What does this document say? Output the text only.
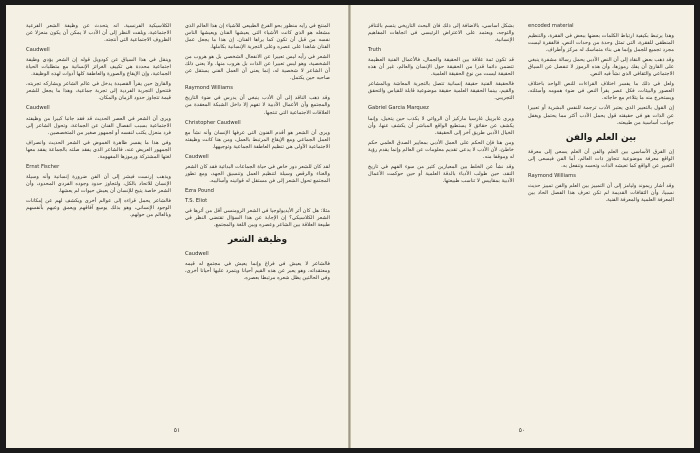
المنتج في رأيه منظور بحو الفرع الطبيعي للأشياء إن هذا العالم الذي مشغله هو الذي كانت الأشياء التي يعيشها الفنان ويعيشها الناس نفسه من قبل أن تكون كما يراها الفنان. إن هذا ما يجعل عمل الفنان شاهدا على عصره وعلى التجربة الإنسانية بكاملها.

الشعر في رأيه ليس تعبيرا عن الانفعال الشخصي بل هو هروب من الشخصية، وهو ليس تعبيرا عن الذات بل هروب منها. ولا يعني ذلك أن الشاعر لا شخصية له، إنما يعني أن العمل الفني يستقل عن صاحبه حين يكتمل.

Raymond Williams

وقد ذهب الناقد إلى أن الأدب ينبغي أن يدرس في ضوء التاريخ والمجتمع وأن الأعمال الأدبية لا تفهم إلا داخل الشبكة المعقدة من العلاقات الاجتماعية التي تنتجها.

Christopher Caudwell

ويرى أن الشعر هو أقدم الفنون التي عرفها الإنسان وأنه نشأ مع العمل الجماعي ومع الإيقاع المرتبط بالعمل، ومن هنا كانت وظيفته الاجتماعية الأولى هي تنظيم العاطفة الجماعية وتوجيهها.

Caudwell

لقد كان للشعر دور خاص في حياة الجماعات البدائية فقد كان الشعر والغناء والرقص وسيلة لتنظيم العمل وتنسيق الجهد، ومع تطور المجتمع تحول الشعر إلى فن مستقل له قوانينه وأساليبه.

Ezra Pound

T.S. Eliot

مثلا: هل كان أثر الأيديولوجيا في الشعر الرومنسي أقل من أثرها في الشعر الكلاسيكي؟ إن الإجابة عن هذا السؤال تقتضي النظر في طبيعة العلاقة بين الشاعر وعصره وبين اللغة والمجتمع.

وظيفة الشعر

Caudwell

فالشاعر لا يعيش في فراغ وإنما يعيش في مجتمع له قيمه ومعتقداته، وهو يعبر عن هذه القيم أحيانا ويتمرد عليها أحيانا أخرى، وفي الحالتين يظل شعره مرتبطا بعصره.

الكلاسيكية الفرنسية. أنه يتحدث عن وظيفة الشعر الفرعية الاجتماعية، ويلفت النظر إلى أن الأدب لا يمكن أن يكون منعزلا عن الظروف الاجتماعية التي أنتجته.

Caudwell

وينقل في هذا السياق عن كودويل قوله إن الشعر يؤدي وظيفة اجتماعية محددة هي تكييف الغرائز الإنسانية مع متطلبات الحياة الجماعية، وإن الإيقاع والصورة والعاطفة كلها أدوات لهذه الوظيفة.

والقارئ حين يقرأ القصيدة يدخل في عالم الشاعر ويشاركه تجربته، فتتحول التجربة الفردية إلى تجربة جماعية، وهذا ما يجعل للشعر قيمة تتجاوز حدود الزمان والمكان.

Caudwell

ويرى أن الشعر في العصر الحديث قد فقد جانبا كبيرا من وظيفته الاجتماعية بسبب انفصال الفنان عن الجماعة، وتحول الشاعر إلى فرد منعزل يكتب لنفسه أو لجمهور صغير من المتخصصين.

وفي هذا ما يفسر ظاهرة الغموض في الشعر الحديث وانصراف الجمهور العريض عنه، فالشاعر الذي يفقد صلته بالجماعة يفقد معها لغتها المشتركة ورموزها المفهومة.

Ernst Fischer

ويذهب إرنست فيشر إلى أن الفن ضرورة إنسانية وأنه وسيلة الإنسان للاتحاد بالكل، ولتجاوز حدود وجوده الفردي المحدود، وأن الشعر خاصة يتيح للإنسان أن يعيش حيوات لم يعشها.

فالشاعر يحمل قراءه إلى عوالم أخرى ويكشف لهم عن إمكانات الوجود الإنساني، وهو بذلك يوسع آفاقهم ويعمق وعيهم بأنفسهم وبالعالم من حولهم.

٥١

encoded material

وهذا يرتبط بكيفية ارتباط الكلمات بعضها ببعض في الفقرة، والتنظيم المنطقي للفقرة، التي تمثل وحدة من وحدات النص، فالفقرة ليست مجرد تجميع للجمل وإنما هي بناء متماسك له مركز وأطراف.

وقد ذهب بعض النقاد إلى أن النص الأدبي يحمل رسالة مشفرة ينبغي على القارئ أن يفك رموزها، وأن هذه الرموز لا تنفصل عن السياق الاجتماعي والثقافي الذي نشأ فيه النص.

ولعل في ذلك ما يفسر اختلاف القراءات للنص الواحد باختلاف العصور والبيئات، فكل عصر يقرأ النص في ضوء همومه وأسئلته، ويستخرج منه ما يتلاءم مع حاجاته.

إن القول بالتعبير الذي يعتبر الأدب ترجمة للنفس البشرية أو تعبيرا عن الذات هو في حقيقته قول يحمل الأدب أكثر مما يحتمل ويغفل جوانب أساسية من طبيعته.

بين العلم والفن

إن الفرق الأساسي بين العلم والفن أن العلم يسعى إلى معرفة الواقع معرفة موضوعية تتجاوز ذات العالم، أما الفن فيسعى إلى التعبير عن الواقع كما تعيشه الذات وتحسه وتنفعل به.

Raymond Williams

وقد أشار ريموند وليامز إلى أن التمييز بين العلم والفن تمييز حديث نسبيا، وأن الثقافات القديمة لم تكن تعرف هذا الفصل الحاد بين المعرفة العلمية والمعرفة الفنية.

بشكل أساسي، بالاضافة إلى ذلك فان البحث التاريخي يتسم بالتنافر والتوجه، ويعتمد على الاعتراض الرئيسي في اتجاهات المفاهيم الإنسانية.

Truth

قد تكون ثمة علاقة بين الحقيقة والجمال، فالأعمال الفنية العظيمة تتضمن دائما قدرا من الحقيقة حول الإنسان والعالم، غير أن هذه الحقيقة ليست من نوع الحقيقة العلمية.

فالحقيقة الفنية حقيقة إنسانية تتصل بالتجربة المعاشة وبالمشاعر والقيم، بينما الحقيقة العلمية حقيقة موضوعية قابلة للقياس والتحقق التجريبي.

Gabriel Garcia Marquez

ويرى غابرييل غارسيا ماركيز أن الروائي لا يكذب حين يتخيل، وإنما يكشف عن حقائق لا يستطيع الواقع المباشر أن يكشف عنها، وأن الخيال الأدبي طريق آخر إلى الحقيقة.

ومن هنا فإن الحكم على العمل الأدبي بمعايير الصدق العلمي حكم خاطئ، لأن الأدب لا يدعي تقديم معلومات عن العالم وإنما يقدم رؤية له وموقفا منه.

وقد نشأ عن الخلط بين المعيارين كثير من سوء الفهم في تاريخ النقد، حين طولب الأدباء بالدقة العلمية أو حين حوكمت الأعمال الأدبية بمقاييس لا تناسب طبيعتها.

٥٠
